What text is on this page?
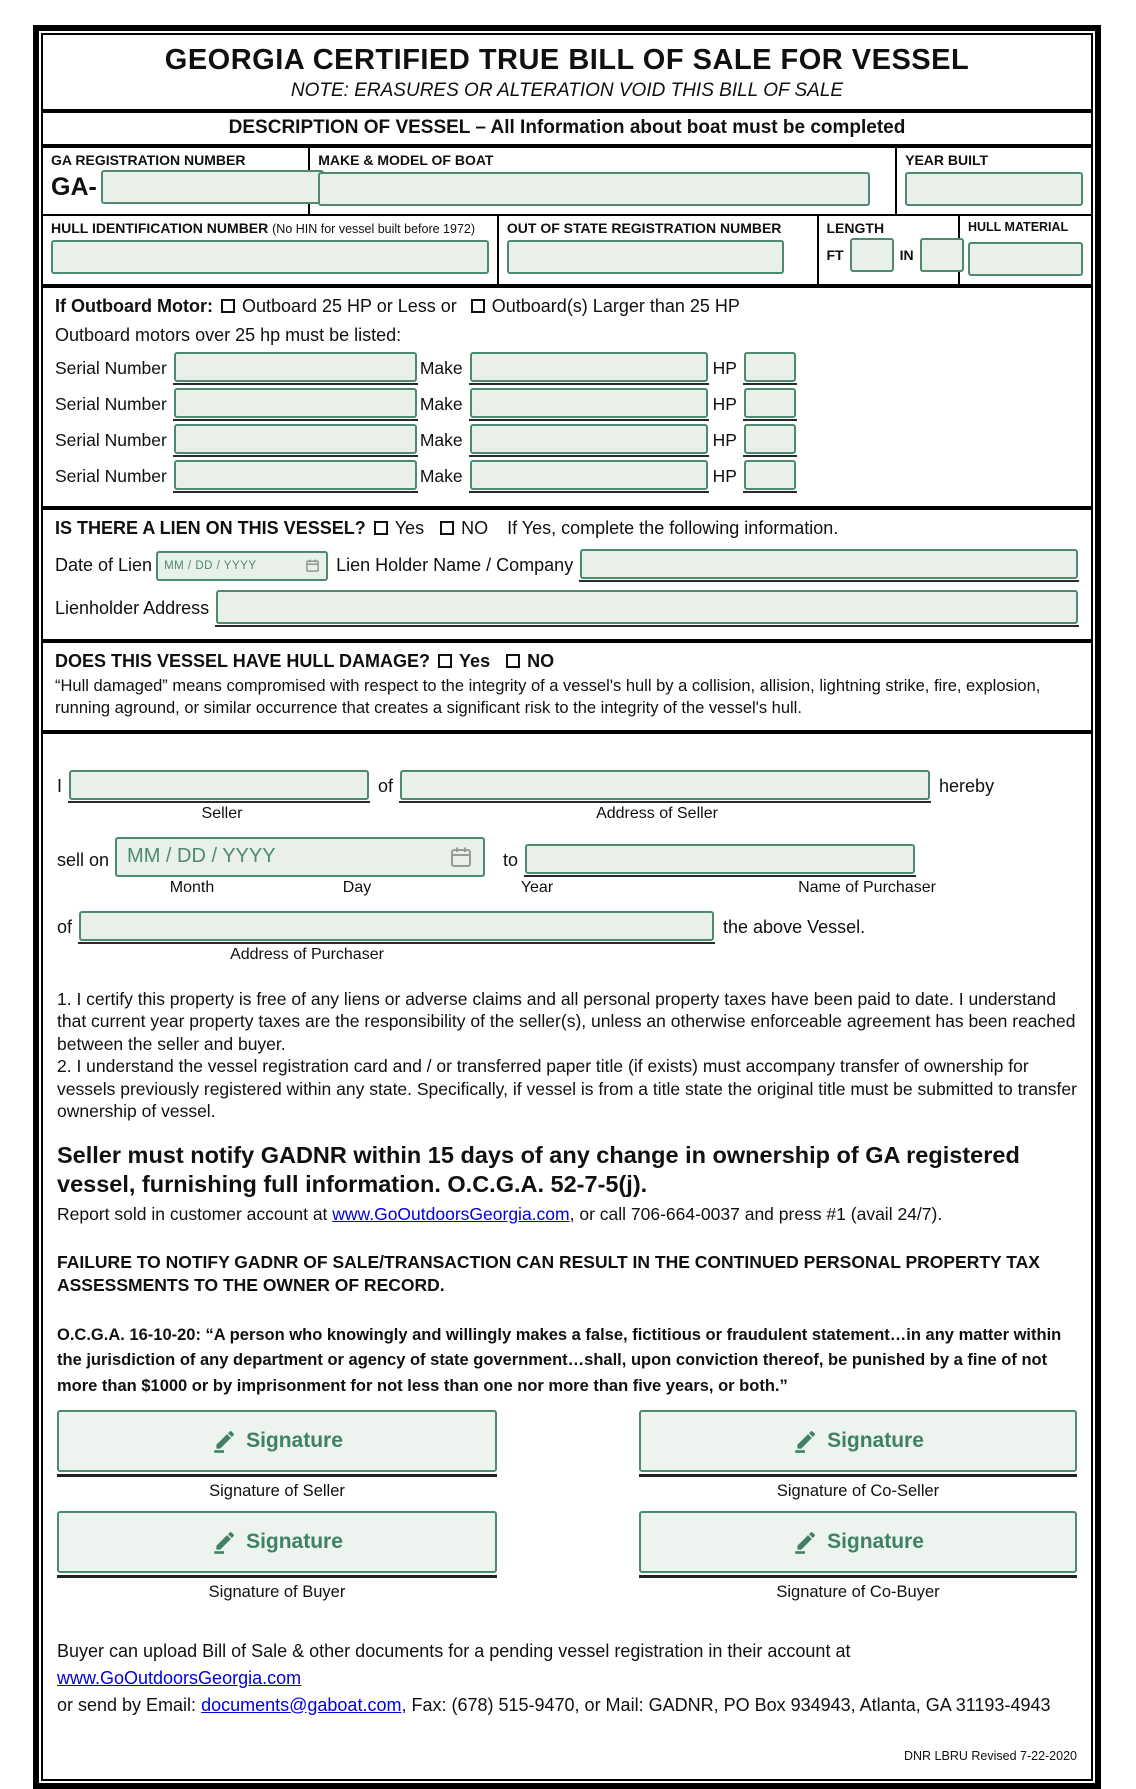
GEORGIA CERTIFIED TRUE BILL OF SALE FOR VESSEL
NOTE: ERASURES OR ALTERATION VOID THIS BILL OF SALE
DESCRIPTION OF VESSEL – All Information about boat must be completed
GA REGISTRATION NUMBER
GA-
MAKE & MODEL OF BOAT	YEAR BUILT
HULL IDENTIFICATION NUMBER (No HIN for vessel built before 1972)	OUT OF STATE REGISTRATION NUMBER	LENGTH
FT	IN
HULL MATERIAL
If Outboard Motor: Outboard 25 HP or Less or Outboard(s) Larger than 25 HP
Outboard motors over 25 hp must be listed:
Serial Number	Make	HP
Serial Number	Make	HP
Serial Number	Make	HP
Serial Number	Make	HP
IS THERE A LIEN ON THIS VESSEL? Yes NO If Yes, complete the following information.
Date of Lien MM / DD / YYYY	Lien Holder Name / Company
Lienholder Address
DOES THIS VESSEL HAVE HULL DAMAGE? Yes NO
“Hull damaged” means compromised with respect to the integrity of a vessel's hull by a collision, allision, lightning strike, fire, explosion, running aground, or similar occurrence that creates a significant risk to the integrity of the vessel's hull.
I	of	hereby
Seller	Address of Seller
sell on MM / DD / YYYY	to
Month	Day	Year	Name of Purchaser
of	the above Vessel.
Address of Purchaser
1. I certify this property is free of any liens or adverse claims and all personal property taxes have been paid to date. I understand that current year property taxes are the responsibility of the seller(s), unless an otherwise enforceable agreement has been reached between the seller and buyer.
2. I understand the vessel registration card and / or transferred paper title (if exists) must accompany transfer of ownership for vessels previously registered within any state. Specifically, if vessel is from a title state the original title must be submitted to transfer ownership of vessel.
Seller must notify GADNR within 15 days of any change in ownership of GA registered vessel, furnishing full information. O.C.G.A. 52-7-5(j).
Report sold in customer account at www.GoOutdoorsGeorgia.com, or call 706-664-0037 and press #1 (avail 24/7).
FAILURE TO NOTIFY GADNR OF SALE/TRANSACTION CAN RESULT IN THE CONTINUED PERSONAL PROPERTY TAX ASSESSMENTS TO THE OWNER OF RECORD.
O.C.G.A. 16-10-20: “A person who knowingly and willingly makes a false, fictitious or fraudulent statement…in any matter within the jurisdiction of any department or agency of state government…shall, upon conviction thereof, be punished by a fine of not more than $1000 or by imprisonment for not less than one nor more than five years, or both.”
Signature
Signature of Seller
Signature
Signature of Co-Seller
Signature
Signature of Buyer
Signature
Signature of Co-Buyer
Buyer can upload Bill of Sale & other documents for a pending vessel registration in their account at www.GoOutdoorsGeorgia.com
or send by Email: documents@gaboat.com, Fax: (678) 515-9470, or Mail: GADNR, PO Box 934943, Atlanta, GA 31193-4943
DNR LBRU Revised 7-22-2020
